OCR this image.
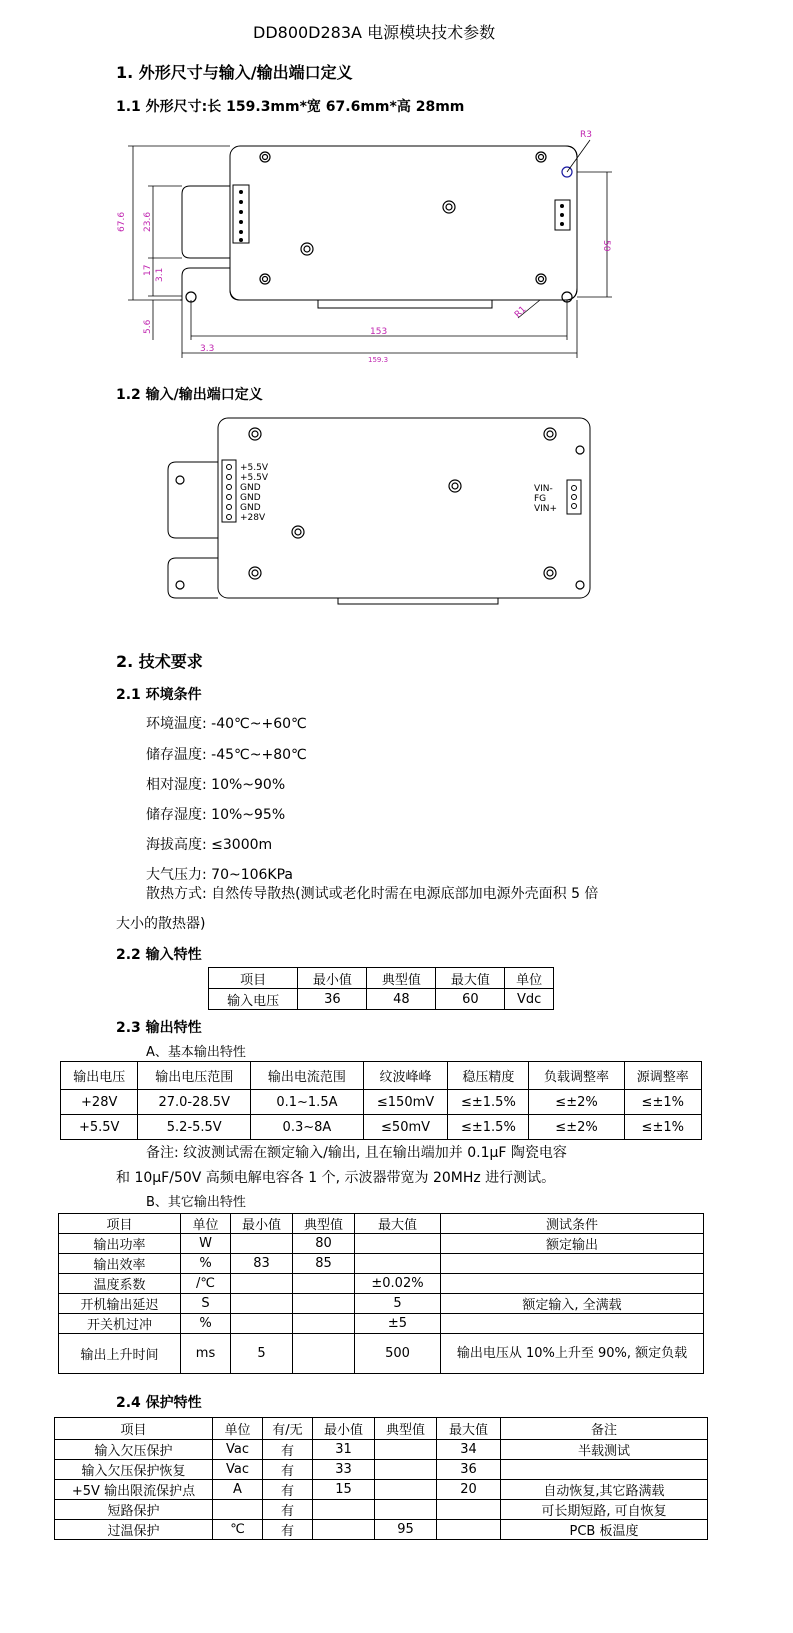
DD800D283A 电源模块技术参数
1. 外形尺寸与输入/输出端口定义
1.1 外形尺寸:长 159.3mm*宽 67.6mm*高 28mm
67.6 23.6
17 3.1
5.6
50
153
3.3
159.3
R3
R1
1.2 输入/输出端口定义
+5.5V
+5.5V
GND
GND
GND
+28V
VIN-
FG
VIN+
2. 技术要求
2.1 环境条件
环境温度: -40℃~+60℃
储存温度: -45℃~+80℃
相对湿度: 10%~90%
储存湿度: 10%~95%
海拔高度: ≤3000m
大气压力: 70~106KPa
散热方式: 自然传导散热(测试或老化时需在电源底部加电源外壳面积 5 倍
大小的散热器)
2.2 输入特性
项目	最小值	典型值	最大值	单位
输入电压	36	48	60	Vdc
2.3 输出特性
A、基本输出特性
输出电压	输出电压范围	输出电流范围	纹波峰峰	稳压精度	负载调整率	源调整率
+28V	27.0-28.5V	0.1~1.5A	≤150mV	≤±1.5%	≤±2%	≤±1%
+5.5V	5.2-5.5V	0.3~8A	≤50mV	≤±1.5%	≤±2%	≤±1%
备注: 纹波测试需在额定输入/输出, 且在输出端加并 0.1μF 陶瓷电容
和 10μF/50V 高频电解电容各 1 个, 示波器带宽为 20MHz 进行测试。
B、其它输出特性
项目	单位	最小值	典型值	最大值	测试条件
输出功率	W		80		额定输出
输出效率	%	83	85		
温度系数	/℃			±0.02%	
开机输出延迟	S			5	额定输入, 全满载
开关机过冲	%			±5	
输出上升时间	ms	5		500	输出电压从 10%上升至 90%, 额定负载
2.4 保护特性
项目	单位	有/无	最小值	典型值	最大值	备注
输入欠压保护	Vac	有	31		34	半载测试
输入欠压保护恢复	Vac	有	33		36	
+5V 输出限流保护点	A	有	15		20	自动恢复,其它路满载
短路保护		有				可长期短路, 可自恢复
过温保护	℃	有		95		PCB 板温度
